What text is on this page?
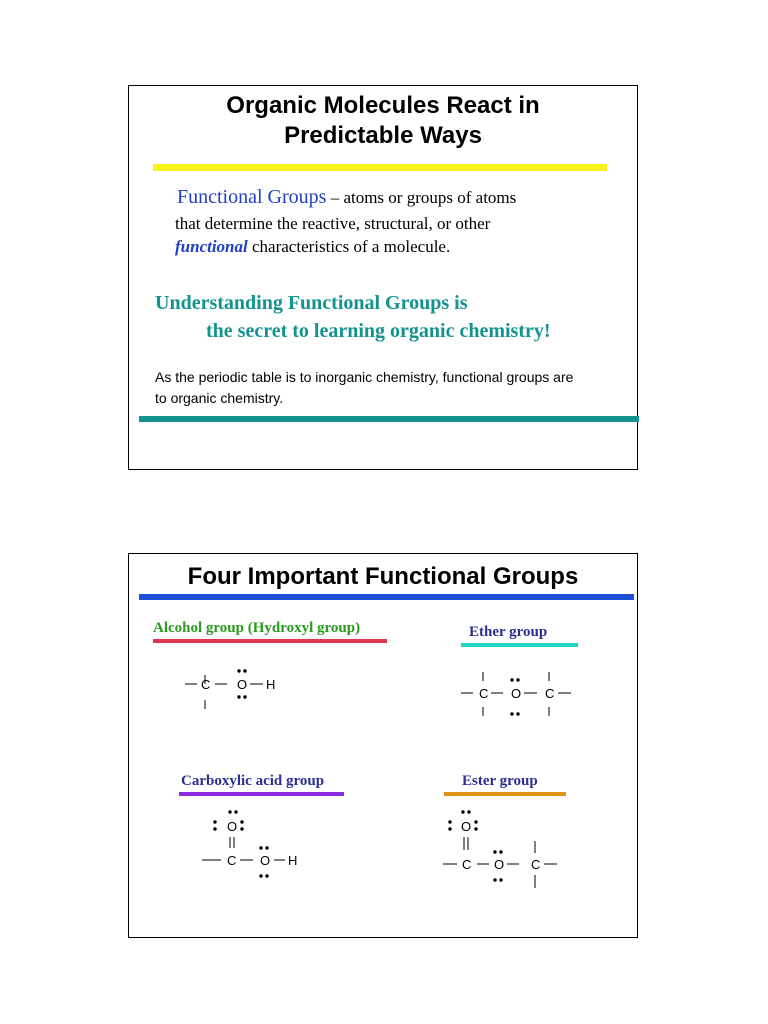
Organic Molecules React in
Predictable Ways
Functional Groups – atoms or groups of atoms
that determine the reactive, structural, or other
functional characteristics of a molecule.
Understanding Functional Groups is
the secret to learning organic chemistry!
As the periodic table is to inorganic chemistry, functional groups are
to organic chemistry.
Four Important Functional Groups
Alcohol group (Hydroxyl group)	Ether group
Carboxylic acid group	Ester group
C O H
C O C
O
C O H
O
C O C
